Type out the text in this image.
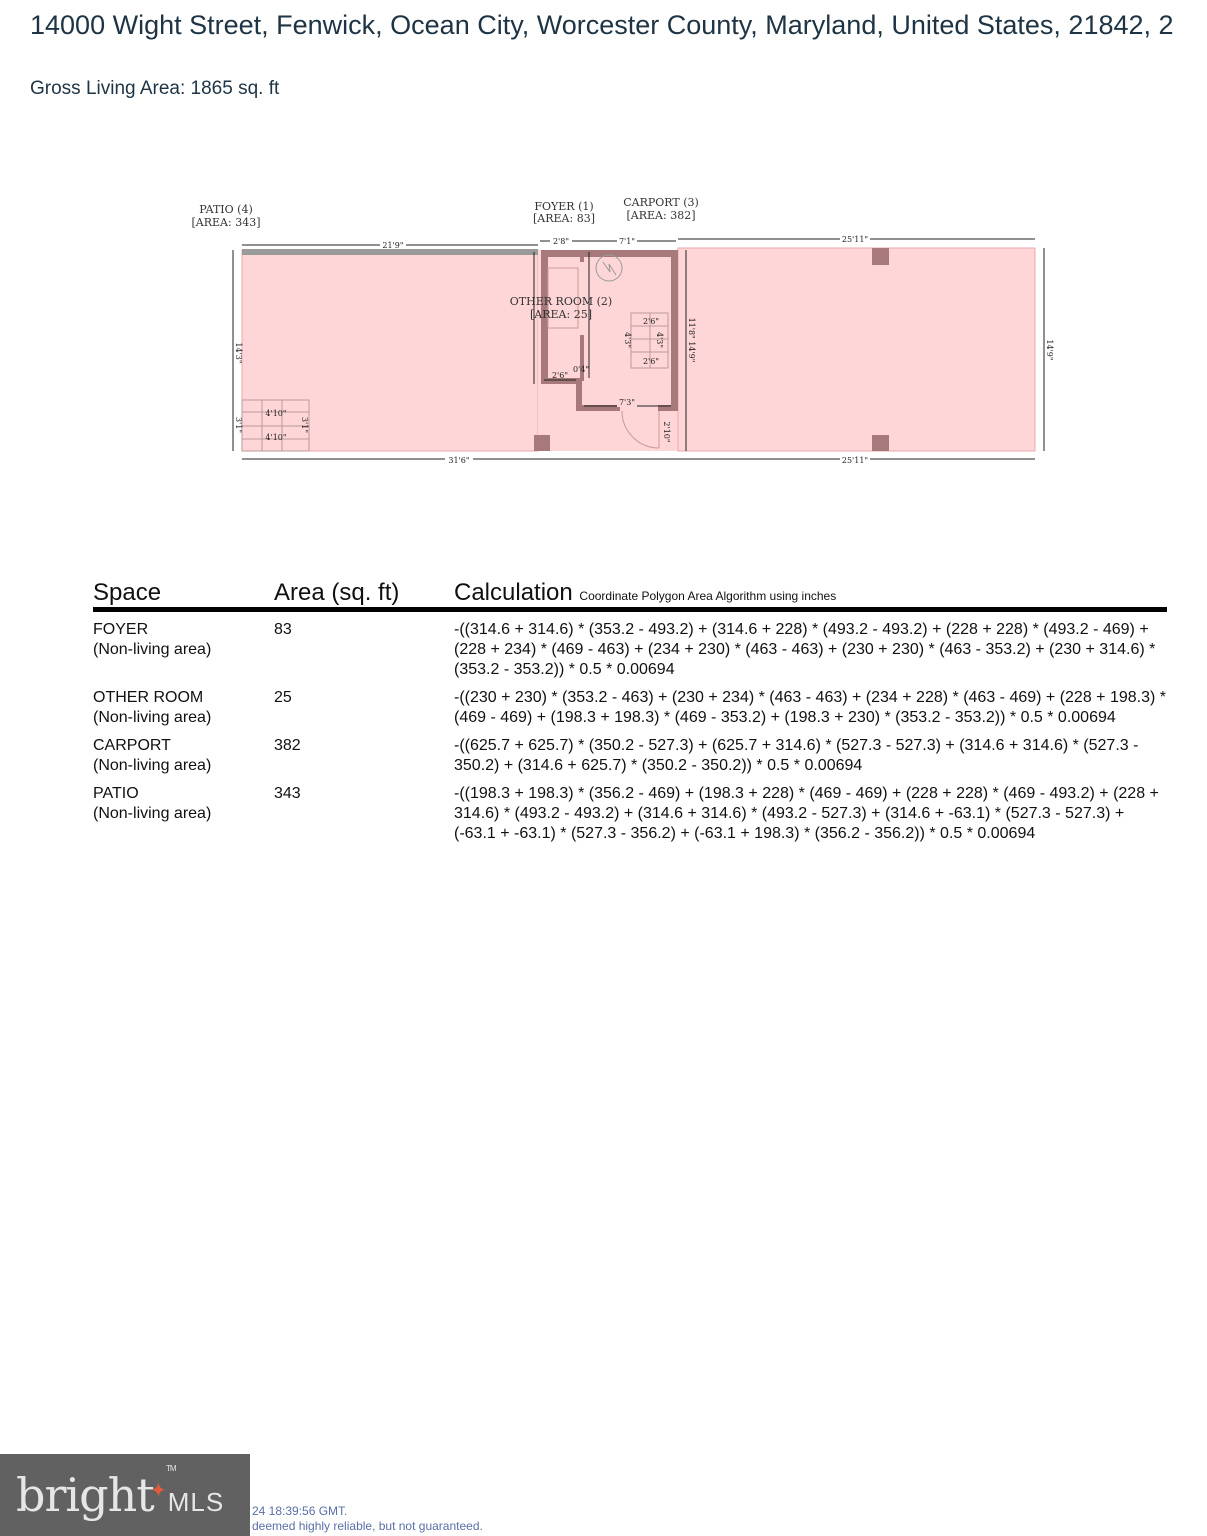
14000 Wight Street, Fenwick, Ocean City, Worcester County, Maryland, United States, 21842, 2
Gross Living Area: 1865 sq. ft
PATIO (4)
[AREA: 343]
FOYER (1)
[AREA: 83]
CARPORT (3)
[AREA: 382]
21'9"	2'8"	7'1"	25'11"
31'6"	25'11"
4'10"
4'10"
2'6"
2'6"
2'6"
0'4"
7'3"
14'3"
3'1"
14'9"
2'10"
11'8" 14'9"
4'3"	4'3"
3'1"
OTHER ROOM (2)
[AREA: 25]
Space	Area (sq. ft)	Calculation Coordinate Polygon Area Algorithm using inches
FOYER
(Non-living area)
83	-((314.6 + 314.6) * (353.2 - 493.2) + (314.6 + 228) * (493.2 - 493.2) + (228 + 228) * (493.2 - 469) + (228 + 234) * (469 - 463) + (234 + 230) * (463 - 463) + (230 + 230) * (463 - 353.2) + (230 + 314.6) * (353.2 - 353.2)) * 0.5 * 0.00694
OTHER ROOM
(Non-living area)
25	-((230 + 230) * (353.2 - 463) + (230 + 234) * (463 - 463) + (234 + 228) * (463 - 469) + (228 + 198.3) * (469 - 469) + (198.3 + 198.3) * (469 - 353.2) + (198.3 + 230) * (353.2 - 353.2)) * 0.5 * 0.00694
CARPORT
(Non-living area)
382	-((625.7 + 625.7) * (350.2 - 527.3) + (625.7 + 314.6) * (527.3 - 527.3) + (314.6 + 314.6) * (527.3 - 350.2) + (314.6 + 625.7) * (350.2 - 350.2)) * 0.5 * 0.00694
PATIO
(Non-living area)
343	-((198.3 + 198.3) * (356.2 - 469) + (198.3 + 228) * (469 - 469) + (228 + 228) * (469 - 493.2) + (228 + 314.6) * (493.2 - 493.2) + (314.6 + 314.6) * (493.2 - 527.3) + (314.6 + -63.1) * (527.3 - 527.3) + (-63.1 + -63.1) * (527.3 - 356.2) + (-63.1 + 198.3) * (356.2 - 356.2)) * 0.5 * 0.00694
bright
✦
TM
MLS 24 18:39:56 GMT.
deemed highly reliable, but not guaranteed.
